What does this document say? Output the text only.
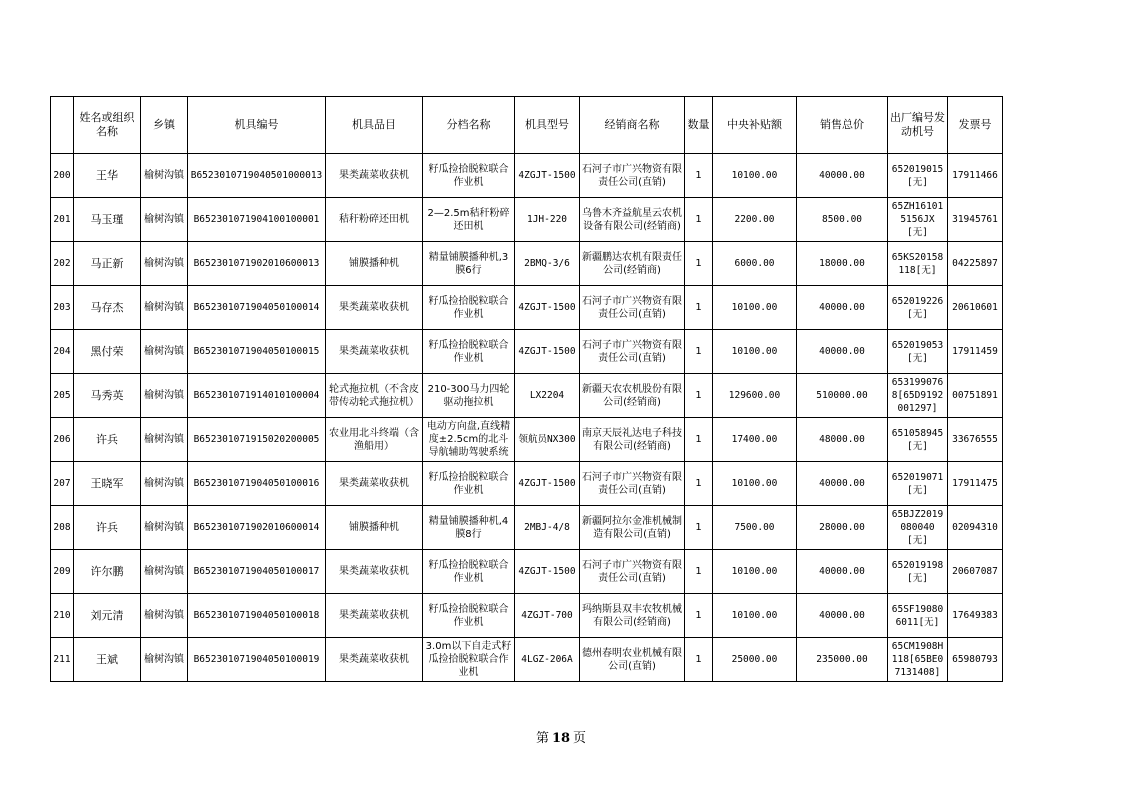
	姓名或组织名称	乡镇	机具编号	机具品目	分档名称	机具型号	经销商名称	数量	中央补贴额	销售总价	出厂编号发动机号	发票号

200	王华	榆树沟镇	B65230107190405010000​13	果类蔬菜收获机	籽瓜捡拾脱粒联合作业机	4ZGJT-1500	石河子市广兴物资有限责任公司(直销)	1	10100.00	40000.00	652019015[无]	17911466

201	马玉瑾	榆树沟镇	B652301071904100100001	秸秆粉碎还田机	2—2.5m秸秆粉碎还田机	1JH-220	乌鲁木齐益航星云农机设备有限公司(经销商)	1	2200.00	8500.00	65ZH161015156JX[无]	31945761

202	马正新	榆树沟镇	B652301071902010600013	铺膜播种机	精量铺膜播种机,3膜6行	2BMQ-3/6	新疆鹏达农机有限责任公司(经销商)	1	6000.00	18000.00	65KS20158118[无]	04225897

203	马存杰	榆树沟镇	B652301071904050100014	果类蔬菜收获机	籽瓜捡拾脱粒联合作业机	4ZGJT-1500	石河子市广兴物资有限责任公司(直销)	1	10100.00	40000.00	652019226[无]	20610601

204	黑付荣	榆树沟镇	B652301071904050100015	果类蔬菜收获机	籽瓜捡拾脱粒联合作业机	4ZGJT-1500	石河子市广兴物资有限责任公司(直销)	1	10100.00	40000.00	652019053[无]	17911459

205	马秀英	榆树沟镇	B652301071914010100004	轮式拖拉机（不含皮带传动轮式拖拉机）	210-300马力四轮驱动拖拉机	LX2204	新疆天农农机股份有限公司(经销商)	1	129600.00	510000.00	6531990768[65D9192001297]	00751891

206	许兵	榆树沟镇	B652301071915020200005	农业用北斗终端（含渔船用）	电动方向盘,直线精度±2.5cm的北斗导航辅助驾驶系统	领航员NX300	南京天辰礼达电子科技有限公司(经销商)	1	17400.00	48000.00	651058945[无]	33676555

207	王晓军	榆树沟镇	B652301071904050100016	果类蔬菜收获机	籽瓜捡拾脱粒联合作业机	4ZGJT-1500	石河子市广兴物资有限责任公司(直销)	1	10100.00	40000.00	652019071[无]	17911475

208	许兵	榆树沟镇	B652301071902010600014	铺膜播种机	精量铺膜播种机,4膜8行	2MBJ-4/8	新疆阿拉尔金准机械制造有限公司(直销)	1	7500.00	28000.00	65BJZ2019080040[无]	02094310

209	许尔鹏	榆树沟镇	B652301071904050100017	果类蔬菜收获机	籽瓜捡拾脱粒联合作业机	4ZGJT-1500	石河子市广兴物资有限责任公司(直销)	1	10100.00	40000.00	652019198[无]	20607087

210	刘元清	榆树沟镇	B652301071904050100018	果类蔬菜收获机	籽瓜捡拾脱粒联合作业机	4ZGJT-700	玛纳斯县双丰农牧机械有限公司(经销商)	1	10100.00	40000.00	65SF190806011[无]	17649383

211	王斌	榆树沟镇	B652301071904050100019	果类蔬菜收获机	3.0m以下自走式籽瓜捡拾脱粒联合作业机	4LGZ-206A	德州春明农业机械有限公司(直销)	1	25000.00	235000.00	65CM1908H118[65BE07131408]	65980793
第 18 页
